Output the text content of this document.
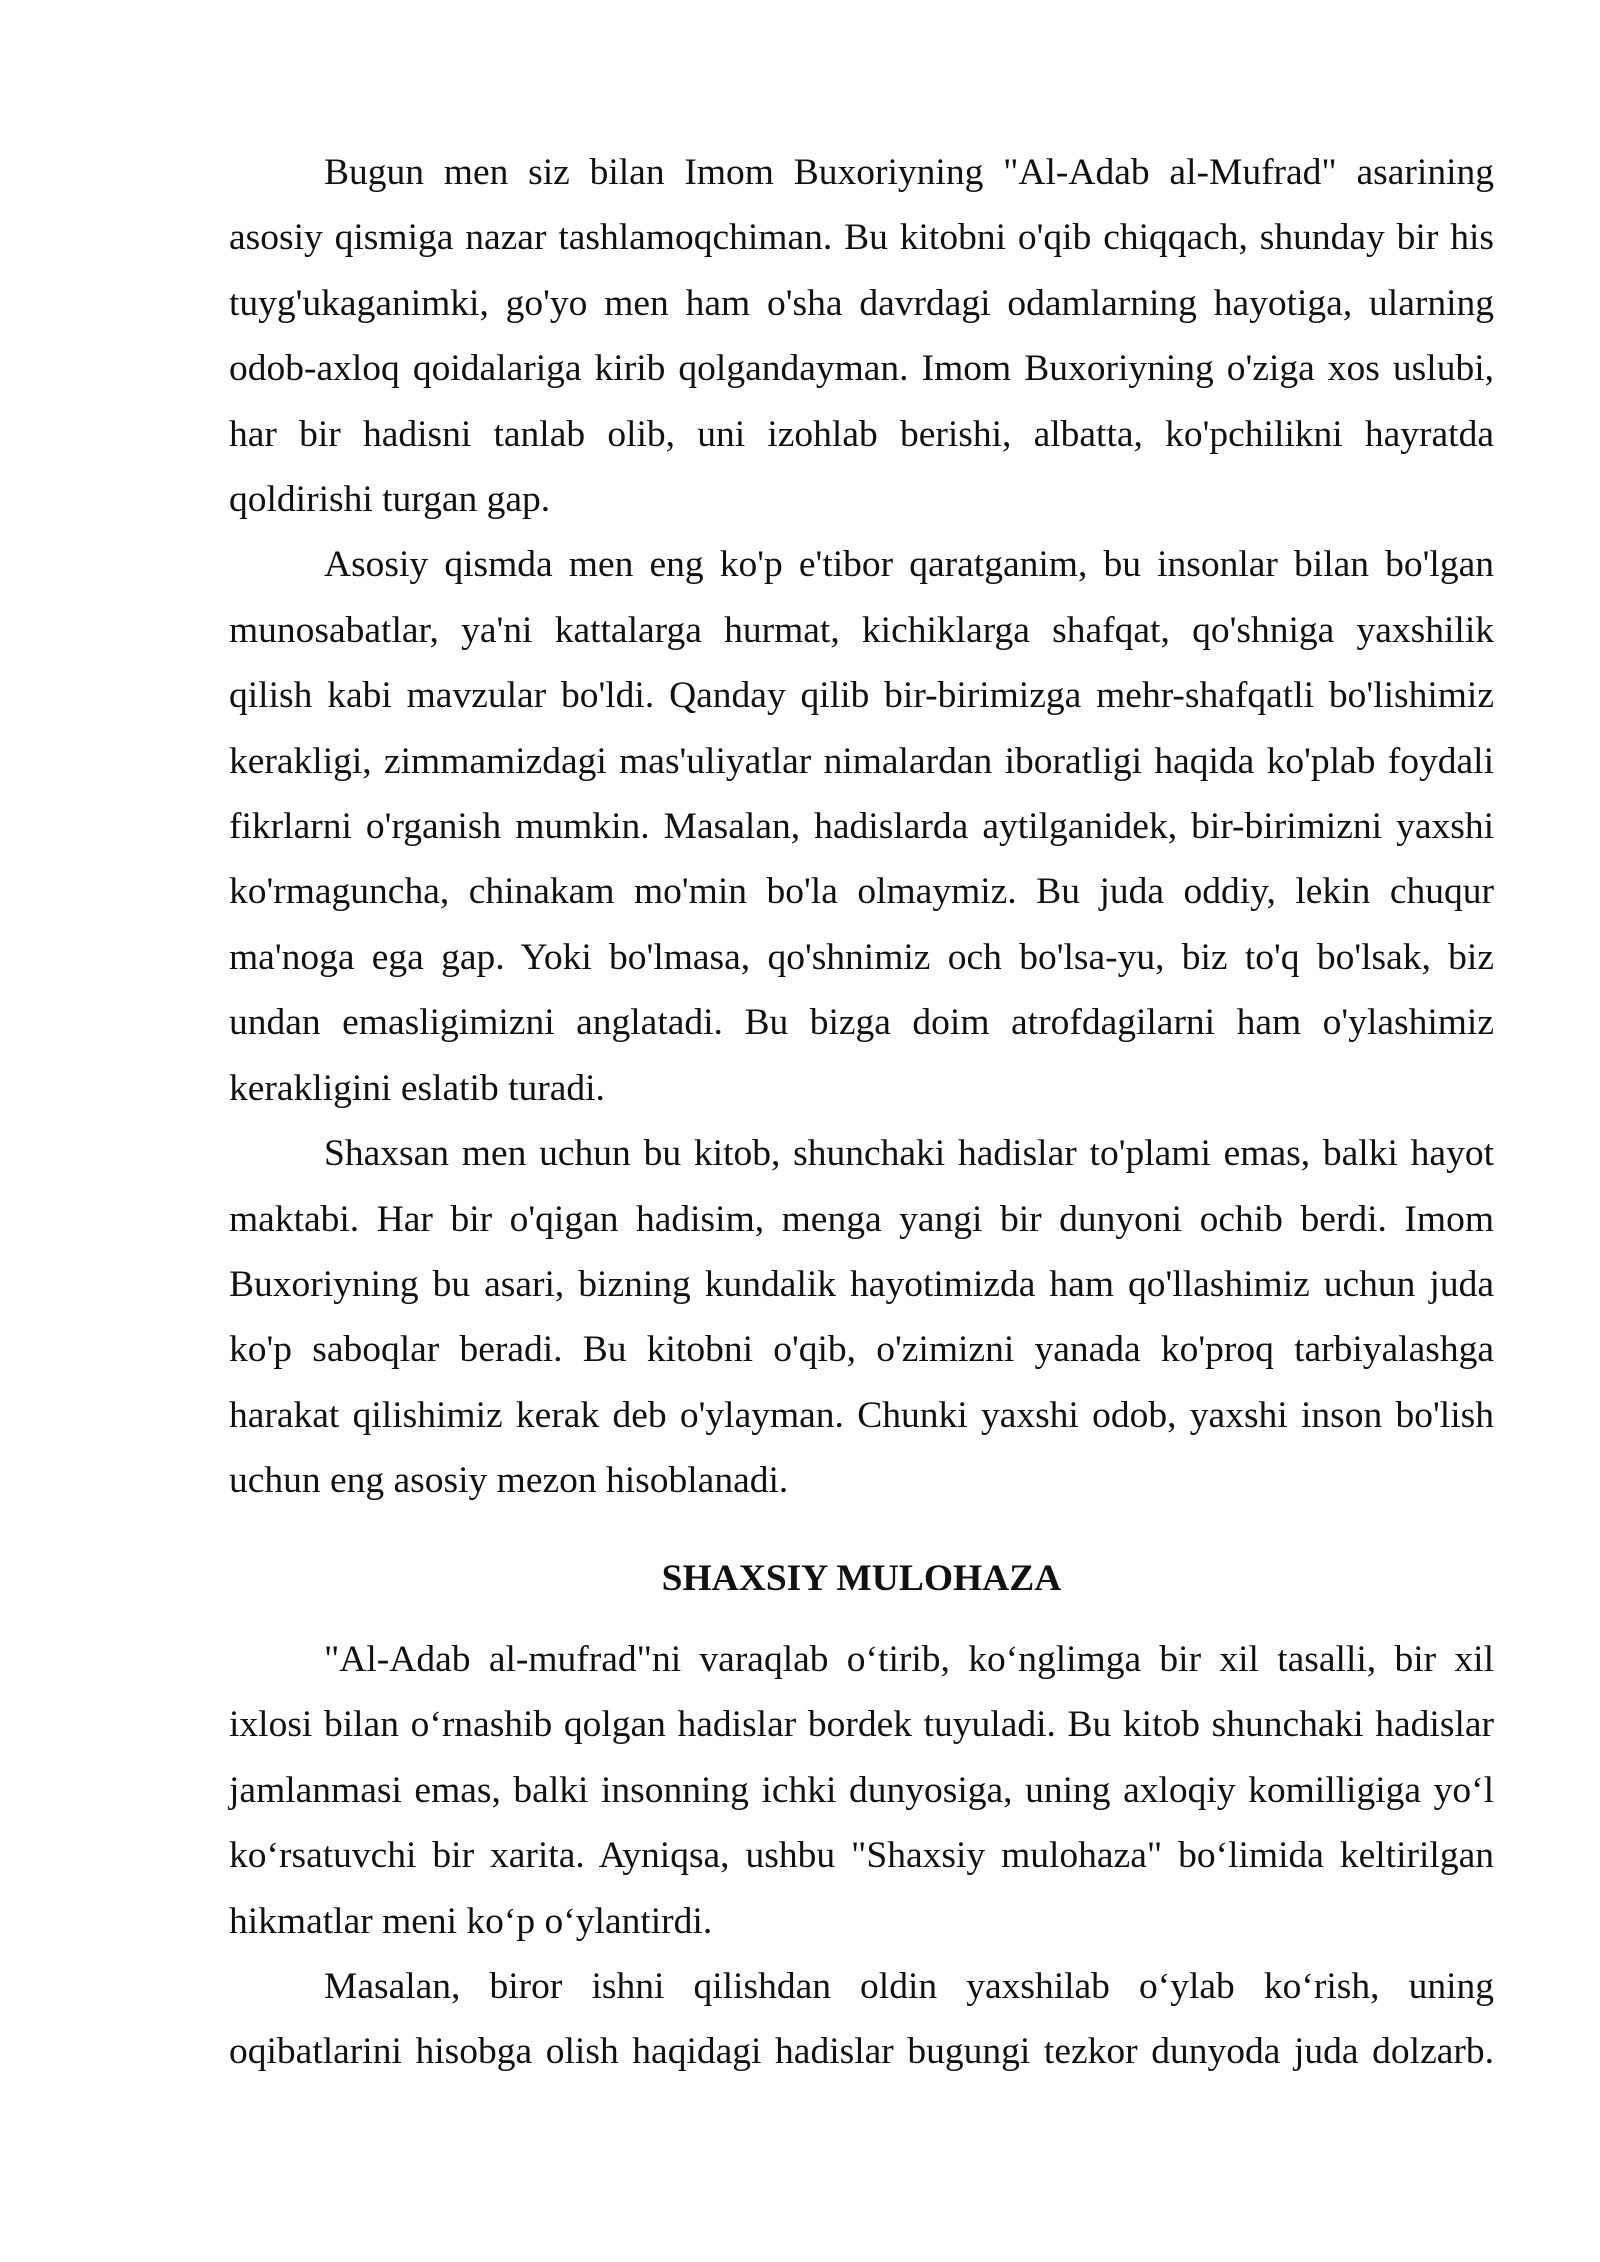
Bugun men siz bilan Imom Buxoriyning "Al-Adab al-Mufrad" asarining
asosiy qismiga nazar tashlamoqchiman. Bu kitobni o'qib chiqqach, shunday bir his
tuyg'ukaganimki, go'yo men ham o'sha davrdagi odamlarning hayotiga, ularning
odob-axloq qoidalariga kirib qolgandayman. Imom Buxoriyning o'ziga xos uslubi,
har bir hadisni tanlab olib, uni izohlab berishi, albatta, ko'pchilikni hayratda
qoldirishi turgan gap.
Asosiy qismda men eng ko'p e'tibor qaratganim, bu insonlar bilan bo'lgan
munosabatlar, ya'ni kattalarga hurmat, kichiklarga shafqat, qo'shniga yaxshilik
qilish kabi mavzular bo'ldi. Qanday qilib bir-birimizga mehr-shafqatli bo'lishimiz
kerakligi, zimmamizdagi mas'uliyatlar nimalardan iboratligi haqida ko'plab foydali
fikrlarni o'rganish mumkin. Masalan, hadislarda aytilganidek, bir-birimizni yaxshi
ko'rmaguncha, chinakam mo'min bo'la olmaymiz. Bu juda oddiy, lekin chuqur
ma'noga ega gap. Yoki bo'lmasa, qo'shnimiz och bo'lsa-yu, biz to'q bo'lsak, biz
undan emasligimizni anglatadi. Bu bizga doim atrofdagilarni ham o'ylashimiz
kerakligini eslatib turadi.
Shaxsan men uchun bu kitob, shunchaki hadislar to'plami emas, balki hayot
maktabi. Har bir o'qigan hadisim, menga yangi bir dunyoni ochib berdi. Imom
Buxoriyning bu asari, bizning kundalik hayotimizda ham qo'llashimiz uchun juda
ko'p saboqlar beradi. Bu kitobni o'qib, o'zimizni yanada ko'proq tarbiyalashga
harakat qilishimiz kerak deb o'ylayman. Chunki yaxshi odob, yaxshi inson bo'lish
uchun eng asosiy mezon hisoblanadi.
SHAXSIY MULOHAZA
"Al-Adab al-mufrad"ni varaqlab o‘tirib, ko‘nglimga bir xil tasalli, bir xil
ixlosi bilan o‘rnashib qolgan hadislar bordek tuyuladi. Bu kitob shunchaki hadislar
jamlanmasi emas, balki insonning ichki dunyosiga, uning axloqiy komilligiga yo‘l
ko‘rsatuvchi bir xarita. Ayniqsa, ushbu "Shaxsiy mulohaza" bo‘limida keltirilgan
hikmatlar meni ko‘p o‘ylantirdi.
Masalan, biror ishni qilishdan oldin yaxshilab o‘ylab ko‘rish, uning
oqibatlarini hisobga olish haqidagi hadislar bugungi tezkor dunyoda juda dolzarb.
